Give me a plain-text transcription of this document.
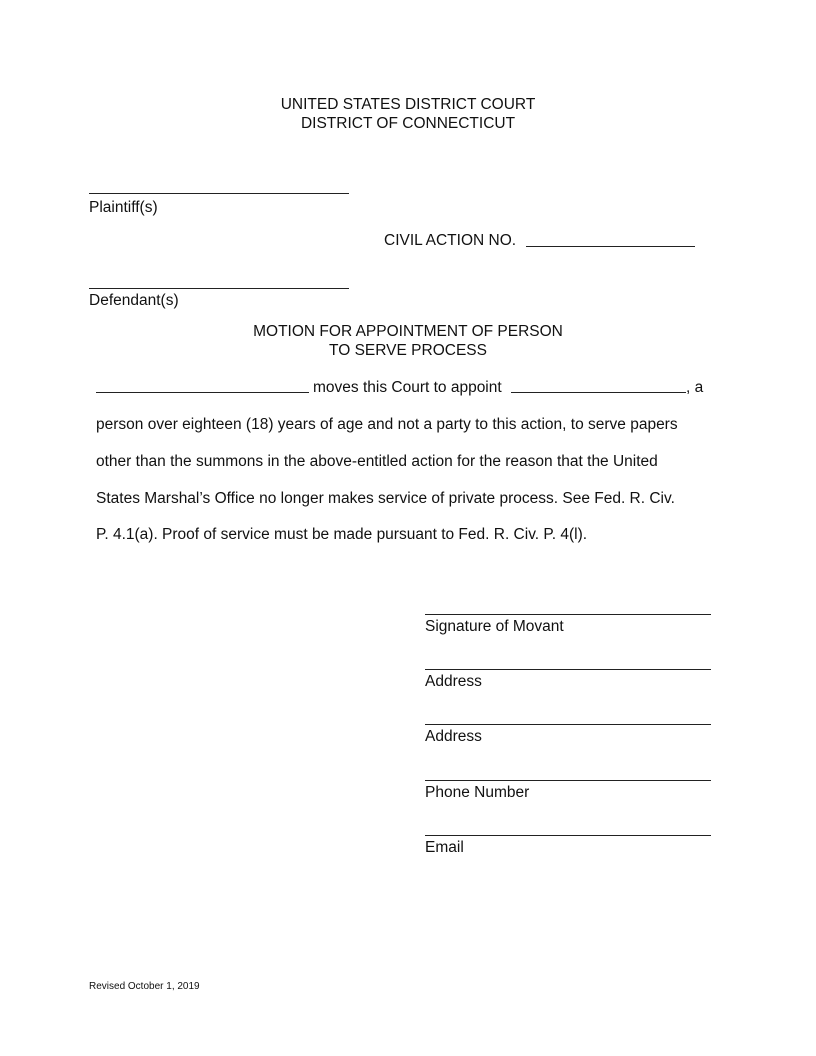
UNITED STATES DISTRICT COURT
DISTRICT OF CONNECTICUT
Plaintiff(s)
CIVIL ACTION NO.
Defendant(s)
MOTION FOR APPOINTMENT OF PERSON
TO SERVE PROCESS
moves this Court to appoint	, a
person over eighteen (18) years of age and not a party to this action, to serve papers
other than the summons in the above-entitled action for the reason that the United
States Marshal’s Office no longer makes service of private process. See Fed. R. Civ.
P. 4.1(a). Proof of service must be made pursuant to Fed. R. Civ. P. 4(l).
Signature of Movant
Address
Address
Phone Number
Email
Revised October 1, 2019
